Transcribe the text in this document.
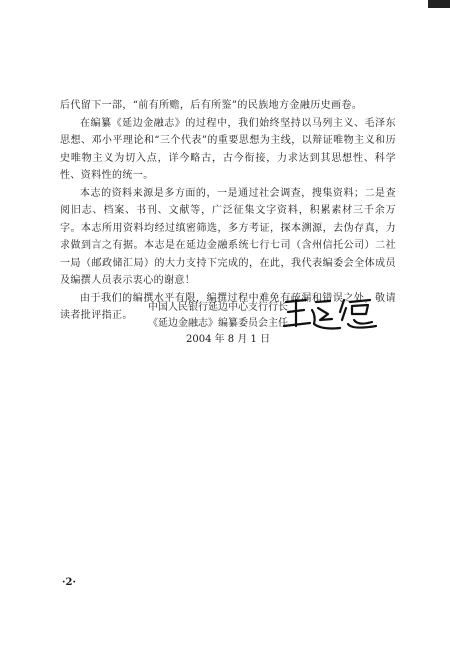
后代留下一部，“前有所赡，后有所鉴”的民族地方金融历史画卷。

在编纂《延边金融志》的过程中，我们始终坚持以马列主义、毛泽东思想、邓小平理论和“三个代表”的重要思想为主线，以辩证唯物主义和历史唯物主义为切入点，详今略古，古今衔接，力求达到其思想性、科学性、资料性的统一。

本志的资料来源是多方面的，一是通过社会调查，搜集资料；二是查阅旧志、档案、书刊、文献等，广泛征集文字资料，积累素材三千余万字。本志所用资料均经过缜密筛选，多方考证，探本溯源，去伪存真，力求做到言之有据。本志是在延边金融系统七行七司（含州信托公司）二社一局（邮政储汇局）的大力支持下完成的，在此，我代表编委会全体成员及编撰人员表示衷心的谢意！

由于我们的编撰水平有限，编撰过程中难免有疏漏和错误之处，敬请读者批评指正。

中国人民银行延边中心支行行长
《延边金融志》编纂委员会主任
2004 年 8 月 1 日
·2·
